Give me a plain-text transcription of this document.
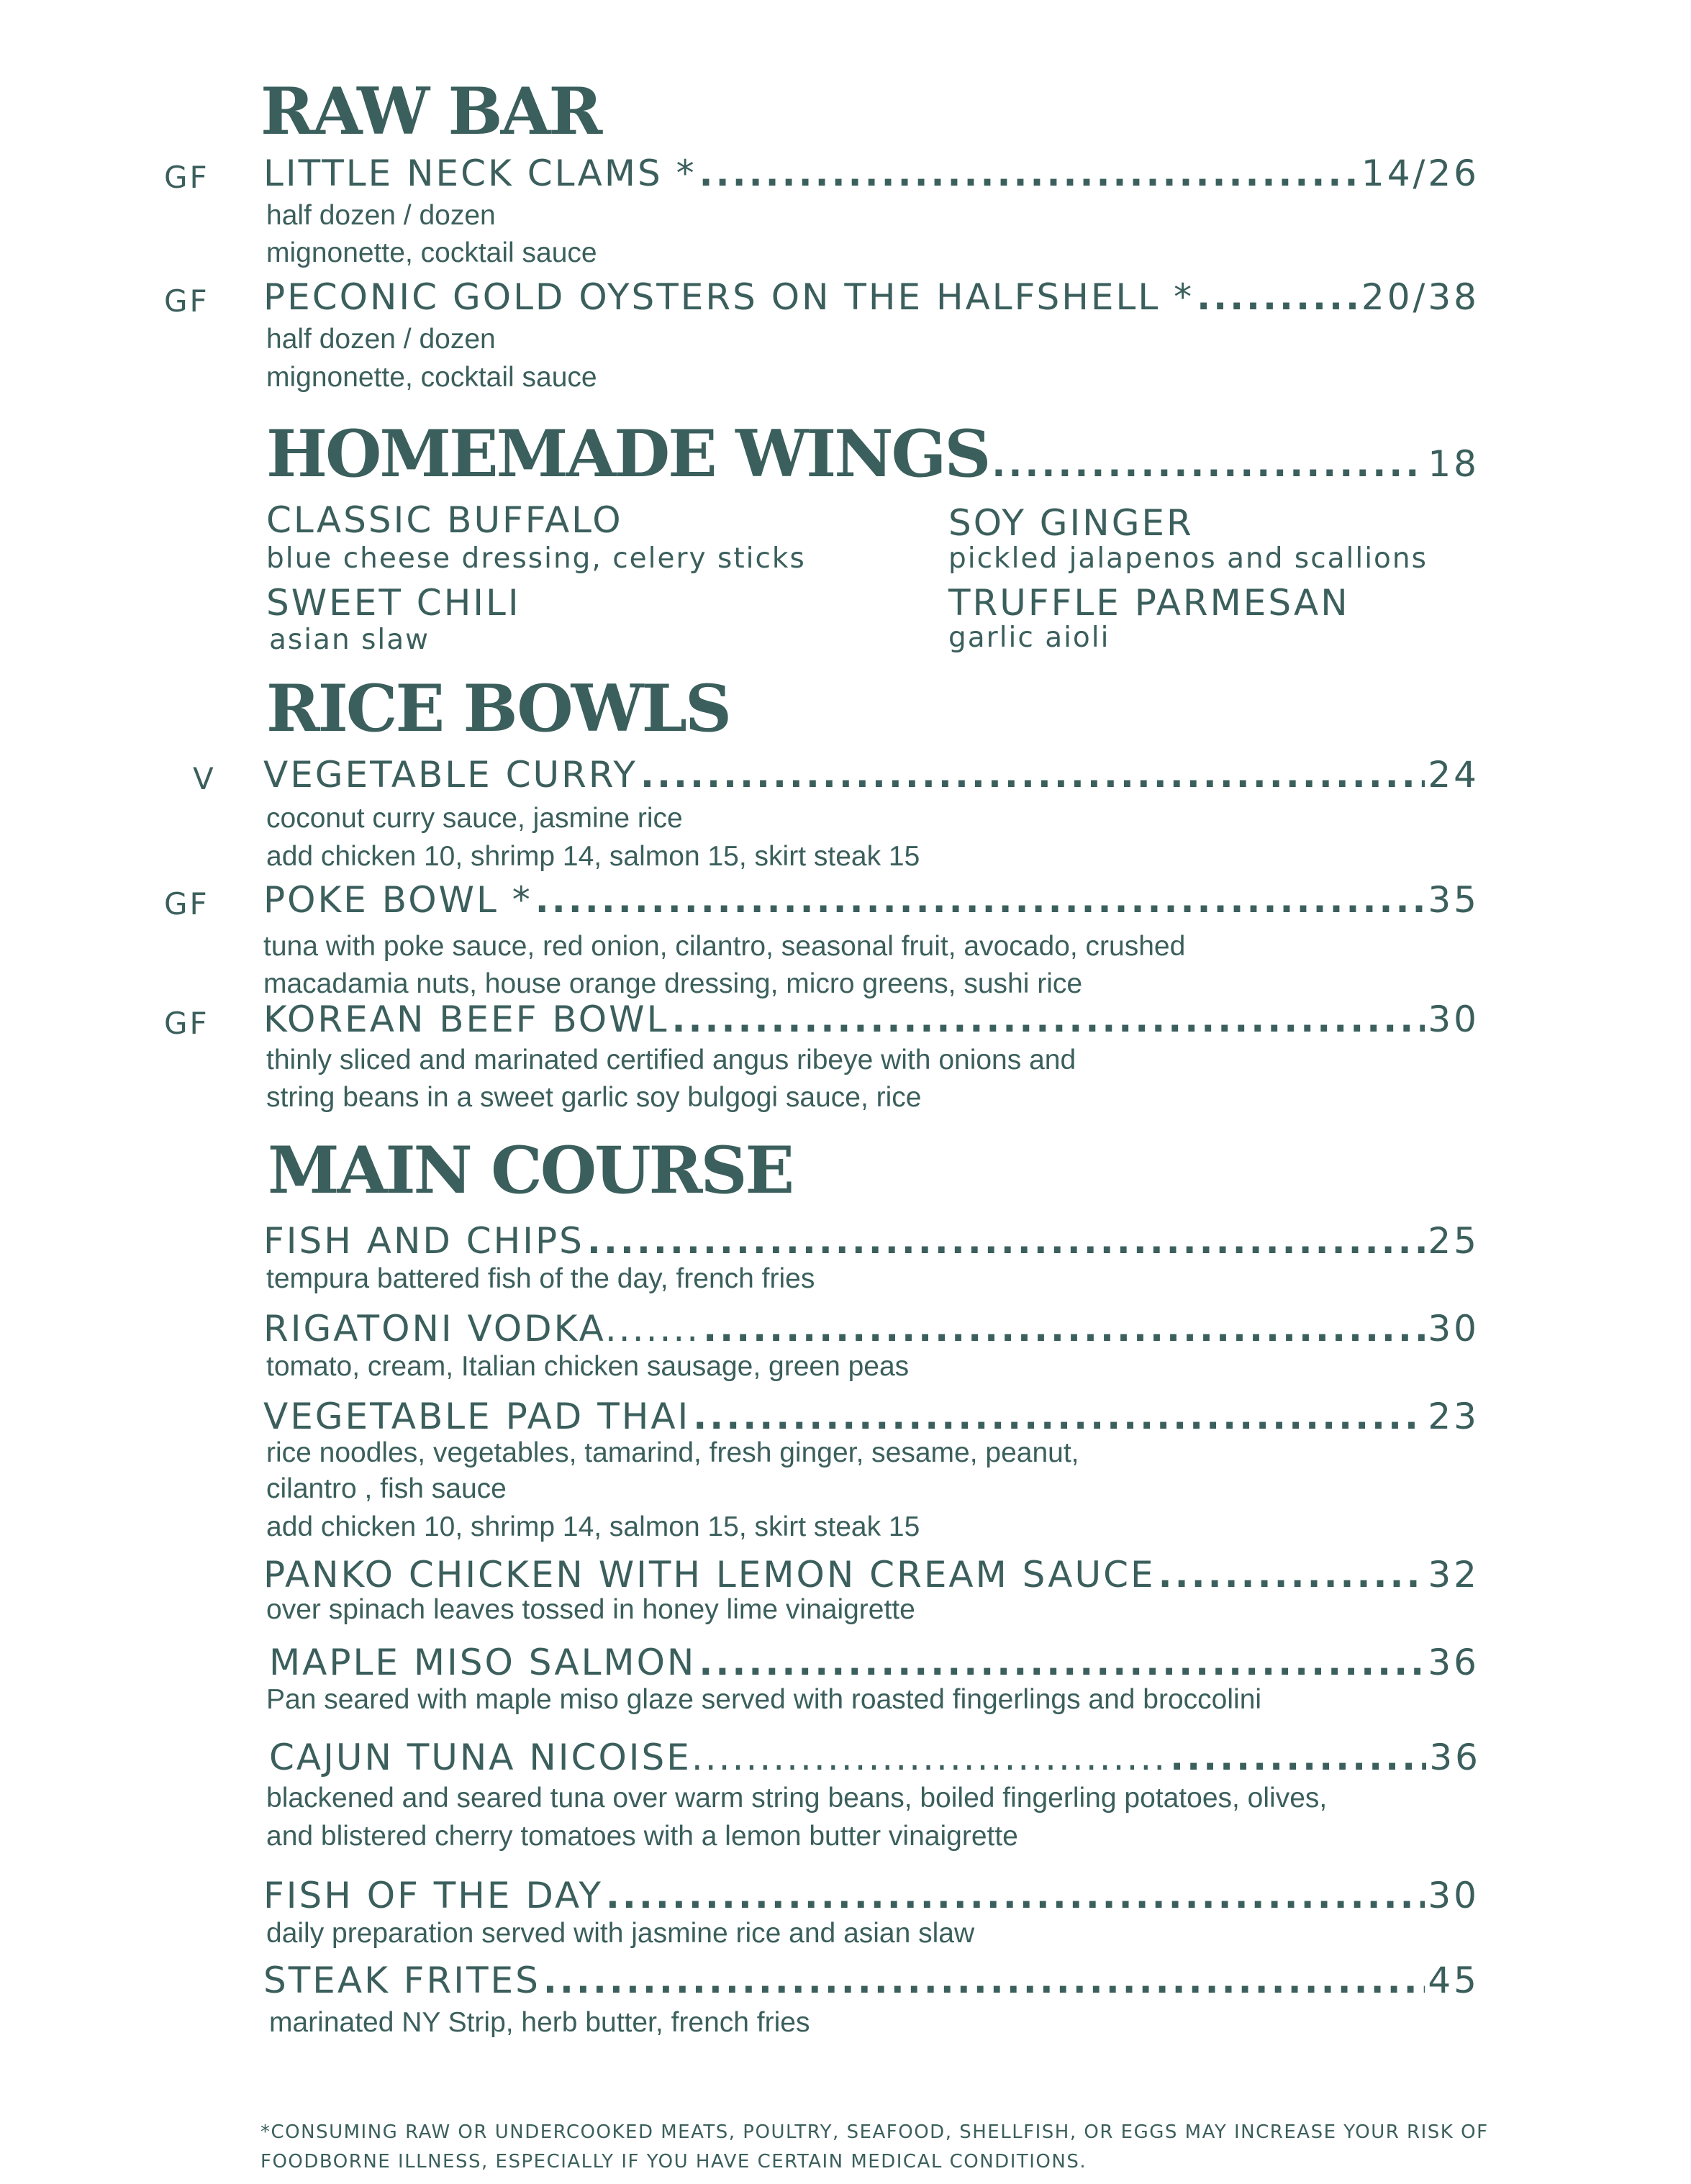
RAW BAR
GF LITTLE NECK CLAMS * .....	14/26
half dozen / dozen
mignonette, cocktail sauce
GF PECONIC GOLD OYSTERS ON THE HALFSHELL * .....	20/38
half dozen / dozen
mignonette, cocktail sauce
HOMEMADE WINGS .....	18
CLASSIC BUFFALO
blue cheese dressing, celery sticks
SOY GINGER
pickled jalapenos and scallions
SWEET CHILI
asian slaw
TRUFFLE PARMESAN
garlic aioli
RICE BOWLS
V VEGETABLE CURRY .....	24
coconut curry sauce, jasmine rice
add chicken 10, shrimp 14, salmon 15, skirt steak 15
GF POKE BOWL * .....	35
tuna with poke sauce, red onion, cilantro, seasonal fruit, avocado, crushed
macadamia nuts, house orange dressing, micro greens, sushi rice
GF KOREAN BEEF BOWL .....	30
thinly sliced and marinated certified angus ribeye with onions and
string beans in a sweet garlic soy bulgogi sauce, rice
MAIN COURSE
FISH AND CHIPS .....	25
tempura battered fish of the day, french fries
RIGATONI VODKA....... .....	30
tomato, cream, Italian chicken sausage, green peas
VEGETABLE PAD THAI .....	23
rice noodles, vegetables, tamarind, fresh ginger, sesame, peanut,
cilantro , fish sauce
add chicken 10, shrimp 14, salmon 15, skirt steak 15
PANKO CHICKEN WITH LEMON CREAM SAUCE .....	32
over spinach leaves tossed in honey lime vinaigrette
MAPLE MISO SALMON .....	36
Pan seared with maple miso glaze served with roasted fingerlings and broccolini
CAJUN TUNA NICOISE................................... .....	36
blackened and seared tuna over warm string beans, boiled fingerling potatoes, olives,
and blistered cherry tomatoes with a lemon butter vinaigrette
FISH OF THE DAY .....	30
daily preparation served with jasmine rice and asian slaw
STEAK FRITES .....	45
marinated NY Strip, herb butter, french fries
*CONSUMING RAW OR UNDERCOOKED MEATS, POULTRY, SEAFOOD, SHELLFISH, OR EGGS MAY INCREASE YOUR RISK OF
FOODBORNE ILLNESS, ESPECIALLY IF YOU HAVE CERTAIN MEDICAL CONDITIONS.
